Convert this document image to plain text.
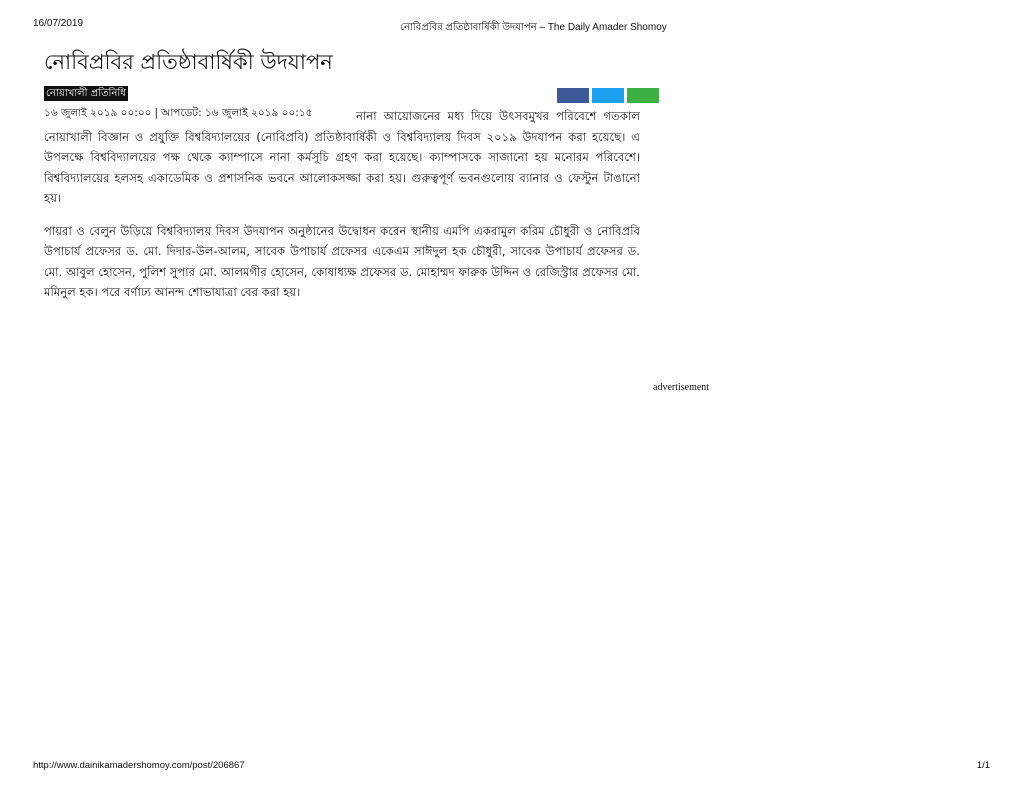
16/07/2019	নোবিপ্রবির প্রতিষ্ঠাবার্ষিকী উদযাপন – The Daily Amader Shomoy
নোবিপ্রবির প্রতিষ্ঠাবার্ষিকী উদযাপন
নোয়াখালী প্রতিনিধি
১৬ জুলাই ২০১৯ ০০:০০ | আপডেট: ১৬ জুলাই ২০১৯ ০০:১৫	নানা আয়োজনের মধ্য দিয়ে উৎসবমুখর পরিবেশে গতকাল নোয়াখালী বিজ্ঞান ও প্রযুক্তি বিশ্ববিদ্যালয়ের (নোবিপ্রবি) প্রতিষ্ঠাবার্ষিকী ও বিশ্ববিদ্যালয় দিবস ২০১৯ উদযাপন করা হয়েছে। এ উপলক্ষে বিশ্ববিদ্যালয়ের পক্ষ থেকে ক্যাম্পাসে নানা কর্মসূচি গ্রহণ করা হয়েছে। ক্যাম্পাসকে সাজানো হয় মনোরম পরিবেশে। বিশ্ববিদ্যালয়ের হলসহ একাডেমিক ও প্রশাসনিক ভবনে আলোকসজ্জা করা হয়। গুরুত্বপূর্ণ ভবনগুলোয় ব্যানার ও ফেস্টুন টাঙানো হয়।

পায়রা ও বেলুন উড়িয়ে বিশ্ববিদ্যালয় দিবস উদযাপন অনুষ্ঠানের উদ্বোধন করেন স্থানীয় এমপি একরামুল করিম চৌধুরী ও নোবিপ্রবি উপাচার্য প্রফেসর ড. মো. দিদার-উল-আলম, সাবেক উপাচার্য প্রফেসর একেএম সাঈদুল হক চৌধুরী, সাবেক উপাচার্য প্রফেসর ড. মো. আবুল হোসেন, পুলিশ সুপার মো. আলমগীর হোসেন, কোষাধ্যক্ষ প্রফেসর ড. মোহাম্মদ ফারুক উদ্দিন ও রেজিস্ট্রার প্রফেসর মো. মমিনুল হক। পরে বর্ণাঢ্য আনন্দ শোভাযাত্রা বের করা হয়।

advertisement
http://www.dainikamadershomoy.com/post/206867	1/1
